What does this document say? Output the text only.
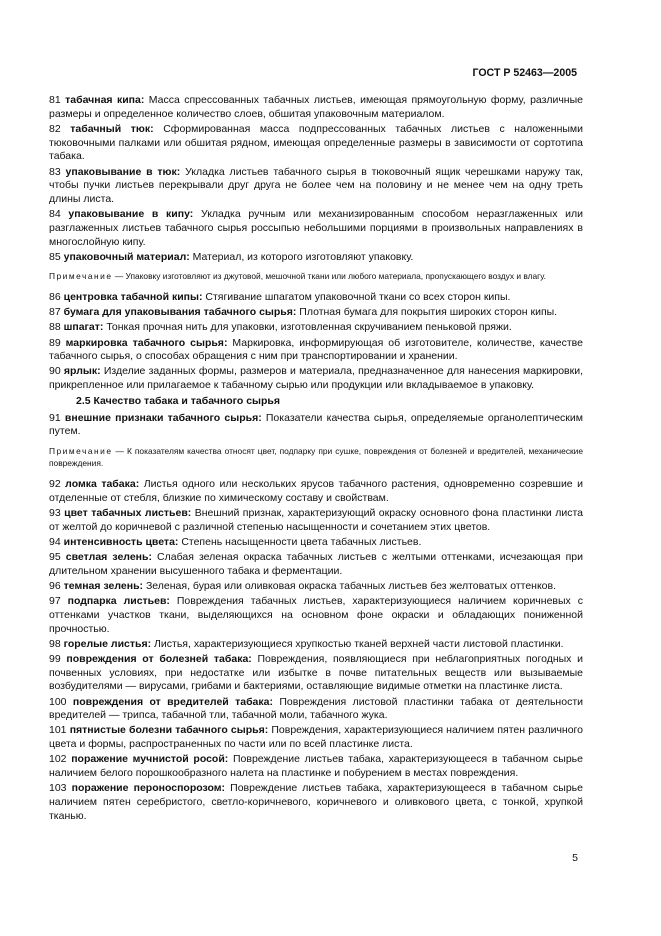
ГОСТ Р 52463—2005
81 табачная кипа: Масса спрессованных табачных листьев, имеющая прямоугольную форму, различные размеры и определенное количество слоев, обшитая упаковочным материалом.
82 табачный тюк: Сформированная масса подпрессованных табачных листьев с наложенными тюковочными палками или обшитая рядном, имеющая определенные размеры в зависимости от сортотипа табака.
83 упаковывание в тюк: Укладка листьев табачного сырья в тюковочный ящик черешками наружу так, чтобы пучки листьев перекрывали друг друга не более чем на половину и не менее чем на одну треть длины листа.
84 упаковывание в кипу: Укладка ручным или механизированным способом неразглаженных или разглаженных листьев табачного сырья россыпью небольшими порциями в произвольных направлениях в многослойную кипу.
85 упаковочный материал: Материал, из которого изготовляют упаковку.
Примечание — Упаковку изготовляют из джутовой, мешочной ткани или любого материала, пропускающего воздух и влагу.
86 центровка табачной кипы: Стягивание шпагатом упаковочной ткани со всех сторон кипы.
87 бумага для упаковывания табачного сырья: Плотная бумага для покрытия широких сторон кипы.
88 шпагат: Тонкая прочная нить для упаковки, изготовленная скручиванием пеньковой пряжи.
89 маркировка табачного сырья: Маркировка, информирующая об изготовителе, количестве, качестве табачного сырья, о способах обращения с ним при транспортировании и хранении.
90 ярлык: Изделие заданных формы, размеров и материала, предназначенное для нанесения маркировки, прикрепленное или прилагаемое к табачному сырью или продукции или вкладываемое в упаковку.
2.5 Качество табака и табачного сырья
91 внешние признаки табачного сырья: Показатели качества сырья, определяемые органолептическим путем.
Примечание — К показателям качества относят цвет, подпарку при сушке, повреждения от болезней и вредителей, механические повреждения.
92 ломка табака: Листья одного или нескольких ярусов табачного растения, одновременно созревшие и отделенные от стебля, близкие по химическому составу и свойствам.
93 цвет табачных листьев: Внешний признак, характеризующий окраску основного фона пластинки листа от желтой до коричневой с различной степенью насыщенности и сочетанием этих цветов.
94 интенсивность цвета: Степень насыщенности цвета табачных листьев.
95 светлая зелень: Слабая зеленая окраска табачных листьев с желтыми оттенками, исчезающая при длительном хранении высушенного табака и ферментации.
96 темная зелень: Зеленая, бурая или оливковая окраска табачных листьев без желтоватых оттенков.
97 подпарка листьев: Повреждения табачных листьев, характеризующиеся наличием коричневых с оттенками участков ткани, выделяющихся на основном фоне окраски и обладающих пониженной прочностью.
98 горелые листья: Листья, характеризующиеся хрупкостью тканей верхней части листовой пластинки.
99 повреждения от болезней табака: Повреждения, появляющиеся при неблагоприятных погодных и почвенных условиях, при недостатке или избытке в почве питательных веществ или вызываемые возбудителями — вирусами, грибами и бактериями, оставляющие видимые отметки на пластинке листа.
100 повреждения от вредителей табака: Повреждения листовой пластинки табака от деятельности вредителей — трипса, табачной тли, табачной моли, табачного жука.
101 пятнистые болезни табачного сырья: Повреждения, характеризующиеся наличием пятен различного цвета и формы, распространенных по части или по всей пластинке листа.
102 поражение мучнистой росой: Повреждение листьев табака, характеризующееся в табачном сырье наличием белого порошкообразного налета на пластинке и побурением в местах повреждения.
103 поражение пероноспорозом: Повреждение листьев табака, характеризующееся в табачном сырье наличием пятен серебристого, светло-коричневого, коричневого и оливкового цвета, с тонкой, хрупкой тканью.
5
